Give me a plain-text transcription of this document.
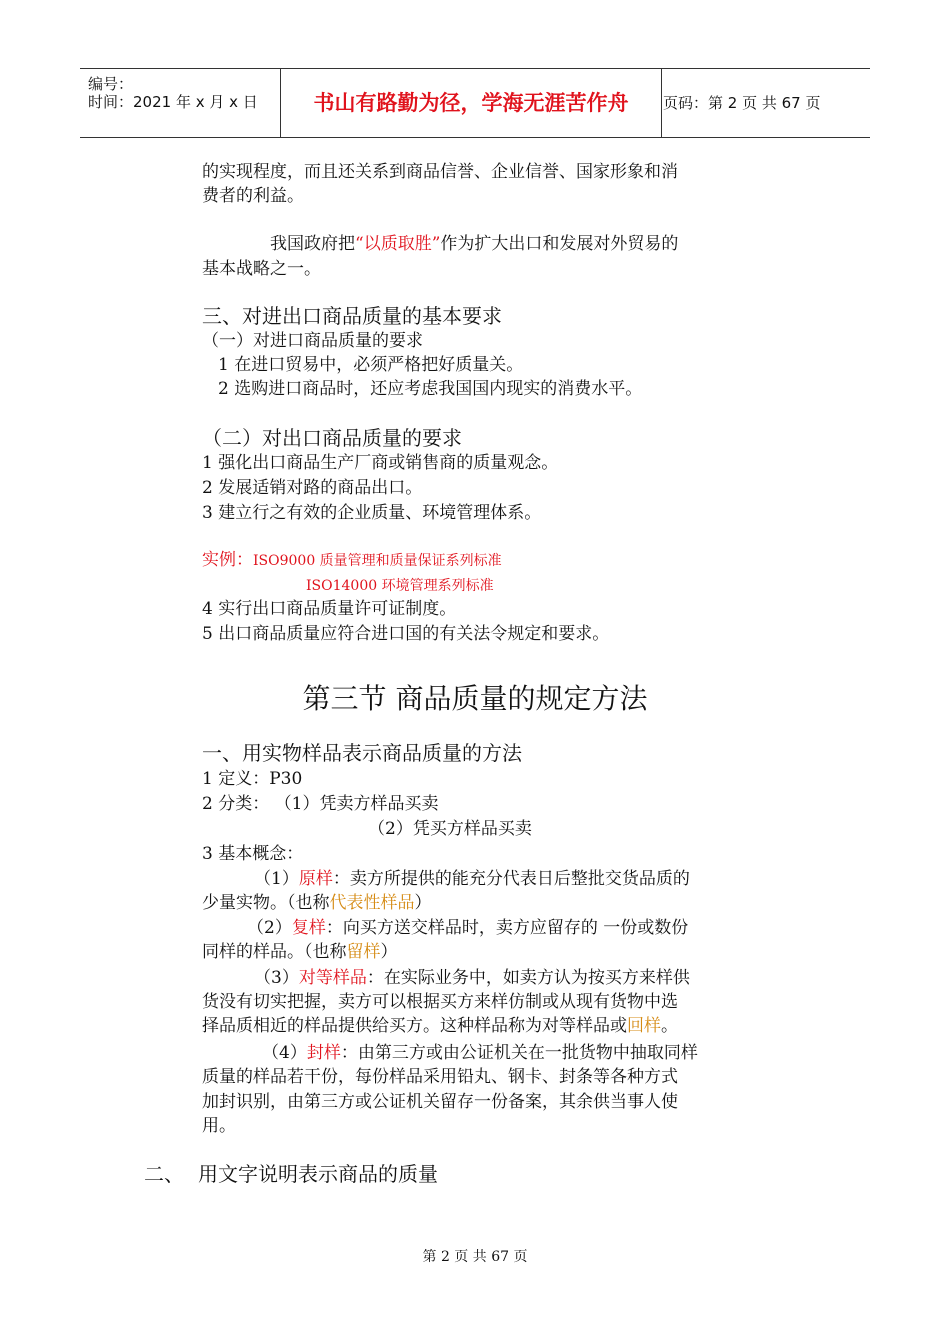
编号：
时间：2021 年 x 月 x 日	书山有路勤为径，学海无涯苦作舟	页码：第 2 页 共 67 页
的实现程度，而且还关系到商品信誉、企业信誉、国家形象和消
费者的利益。
我国政府把“以质取胜”作为扩大出口和发展对外贸易的
基本战略之一。
三、对进出口商品质量的基本要求
（一）对进口商品质量的要求
1 在进口贸易中，必须严格把好质量关。
2 选购进口商品时，还应考虑我国国内现实的消费水平。
（二）对出口商品质量的要求
1 强化出口商品生产厂商或销售商的质量观念。
2 发展适销对路的商品出口。
3 建立行之有效的企业质量、环境管理体系。
实例：ISO9000 质量管理和质量保证系列标准
ISO14000 环境管理系列标准
4 实行出口商品质量许可证制度。
5 出口商品质量应符合进口国的有关法令规定和要求。
第三节 商品质量的规定方法
一、用实物样品表示商品质量的方法
1 定义：P30
2 分类： （1）凭卖方样品买卖
（2）凭买方样品买卖
3 基本概念：
（1）原样：卖方所提供的能充分代表日后整批交货品质的
少量实物。（也称代表性样品）
（2）复样：向买方送交样品时，卖方应留存的 一份或数份
同样的样品。（也称留样）
（3）对等样品：在实际业务中，如卖方认为按买方来样供
货没有切实把握，卖方可以根据买方来样仿制或从现有货物中选
择品质相近的样品提供给买方。这种样品称为对等样品或回样。
（4）封样：由第三方或由公证机关在一批货物中抽取同样
质量的样品若干份，每份样品采用铅丸、钢卡、封条等各种方式
加封识别，由第三方或公证机关留存一份备案，其余供当事人使
用。
二、 用文字说明表示商品的质量
第 2 页 共 67 页
